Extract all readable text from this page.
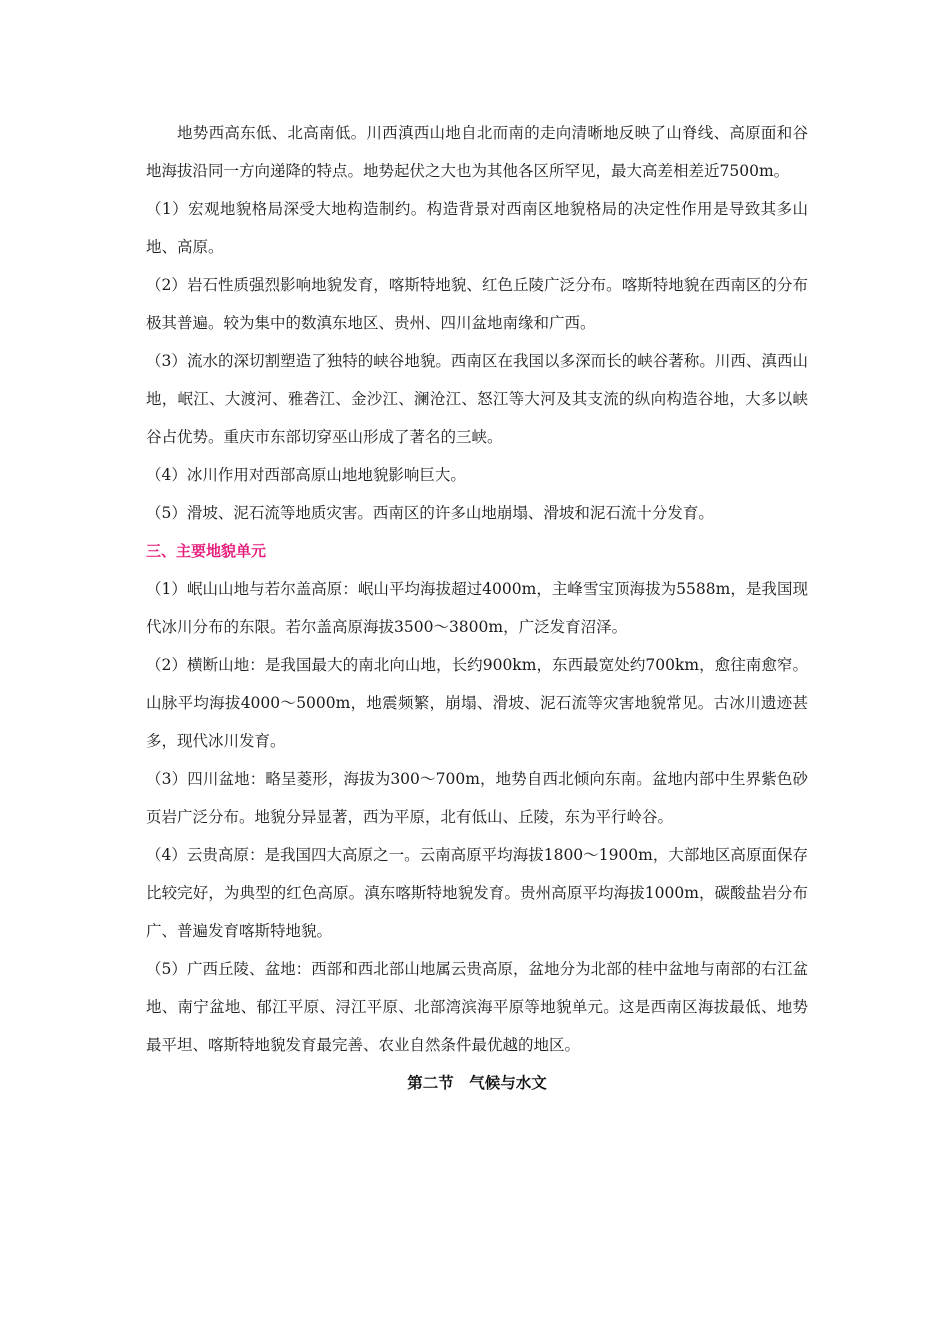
地势西高东低、北高南低。川西滇西山地自北而南的走向清晰地反映了山脊线、高原面和谷地海拔沿同一方向递降的特点。地势起伏之大也为其他各区所罕见，最大高差相差近7500m。

（1）宏观地貌格局深受大地构造制约。构造背景对西南区地貌格局的决定性作用是导致其多山地、高原。

（2）岩石性质强烈影响地貌发育，喀斯特地貌、红色丘陵广泛分布。喀斯特地貌在西南区的分布极其普遍。较为集中的数滇东地区、贵州、四川盆地南缘和广西。

（3）流水的深切割塑造了独特的峡谷地貌。西南区在我国以多深而长的峡谷著称。川西、滇西山地，岷江、大渡河、雅砻江、金沙江、澜沧江、怒江等大河及其支流的纵向构造谷地，大多以峡谷占优势。重庆市东部切穿巫山形成了著名的三峡。

（4）冰川作用对西部高原山地地貌影响巨大。

（5）滑坡、泥石流等地质灾害。西南区的许多山地崩塌、滑坡和泥石流十分发育。

三、主要地貌单元

（1）岷山山地与若尔盖高原：岷山平均海拔超过4000m，主峰雪宝顶海拔为5588m，是我国现代冰川分布的东限。若尔盖高原海拔3500～3800m，广泛发育沼泽。

（2）横断山地：是我国最大的南北向山地，长约900km，东西最宽处约700km，愈往南愈窄。山脉平均海拔4000～5000m，地震频繁，崩塌、滑坡、泥石流等灾害地貌常见。古冰川遗迹甚多，现代冰川发育。

（3）四川盆地：略呈菱形，海拔为300～700m，地势自西北倾向东南。盆地内部中生界紫色砂页岩广泛分布。地貌分异显著，西为平原，北有低山、丘陵，东为平行岭谷。

（4）云贵高原：是我国四大高原之一。云南高原平均海拔1800～1900m，大部地区高原面保存比较完好，为典型的红色高原。滇东喀斯特地貌发育。贵州高原平均海拔1000m，碳酸盐岩分布广、普遍发育喀斯特地貌。

（5）广西丘陵、盆地：西部和西北部山地属云贵高原，盆地分为北部的桂中盆地与南部的右江盆地、南宁盆地、郁江平原、浔江平原、北部湾滨海平原等地貌单元。这是西南区海拔最低、地势最平坦、喀斯特地貌发育最完善、农业自然条件最优越的地区。

第二节　气候与水文
